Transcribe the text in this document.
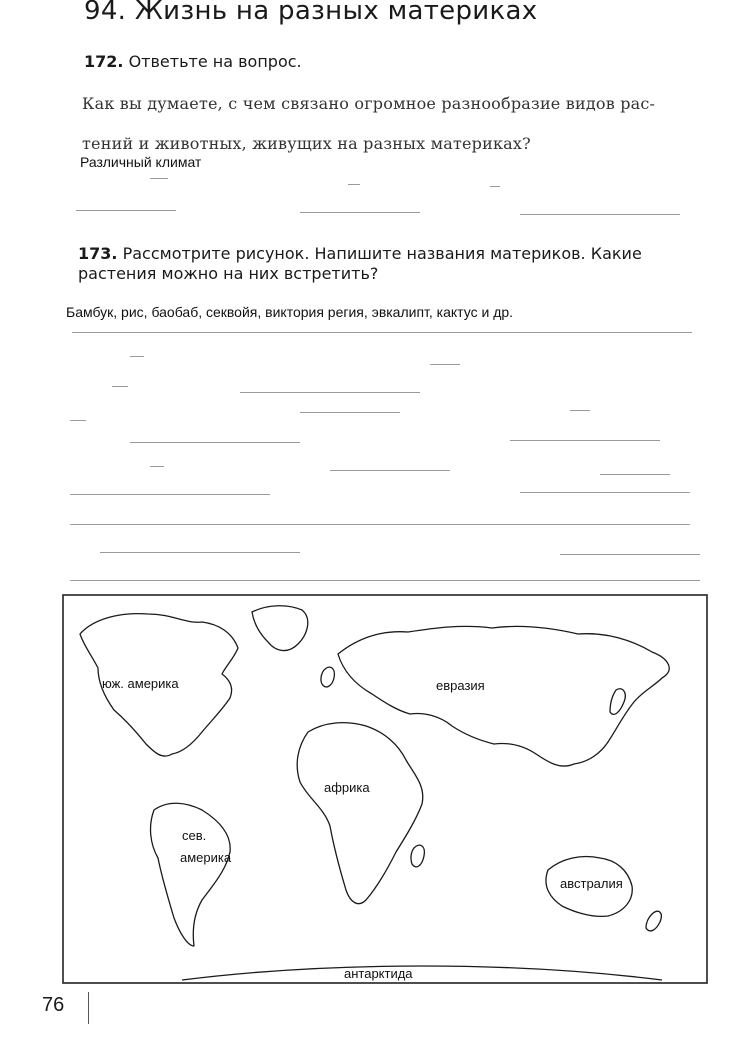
94. Жизнь на разных материках
172. Ответьте на вопрос.
Как вы думаете, с чем связано огромное разнообразие видов рас-
тений и животных, живущих на разных материках?
Различный климат
173. Рассмотрите рисунок. Напишите названия материков. Какие растения можно на них встретить?
Бамбук, рис, баобаб, секвойя, виктория регия, эвкалипт, кактус и др.
юж. америка	евразия
африка
сев.
америка
австралия
антарктида
76
